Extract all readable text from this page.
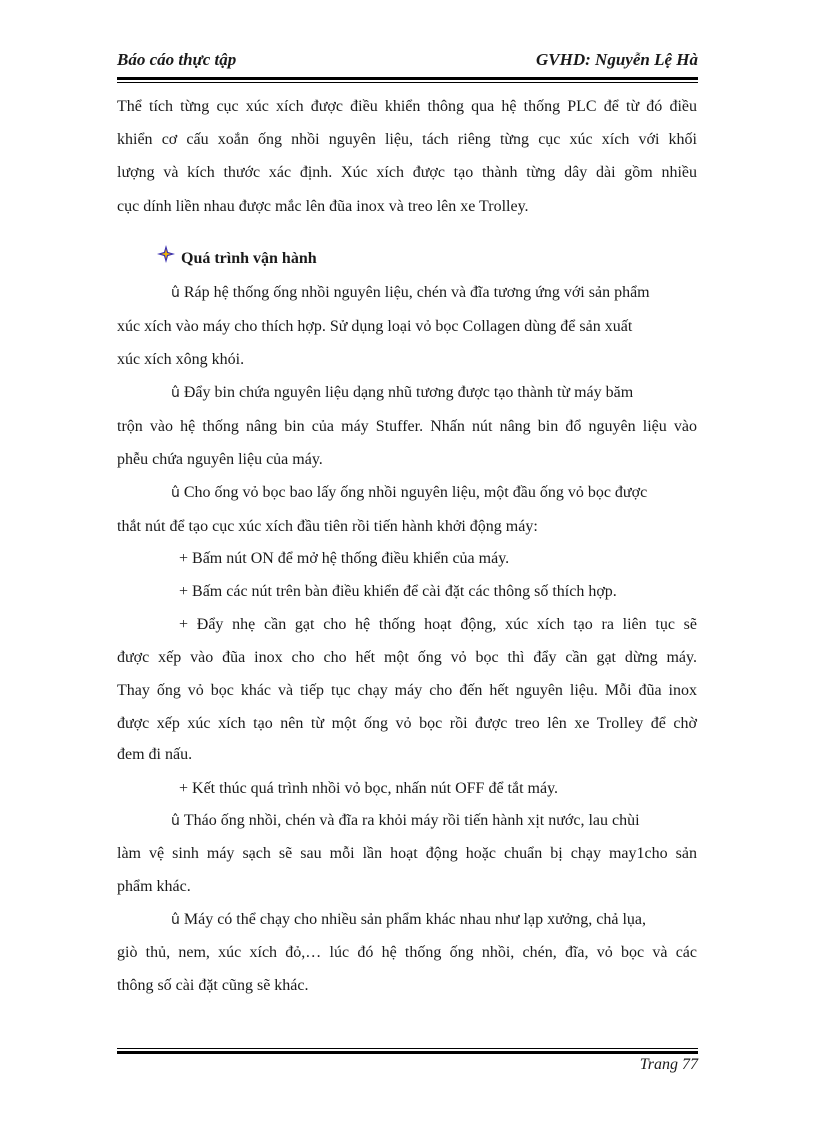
Báo cáo thực tập	GVHD: Nguyễn Lệ Hà
Thể tích từng cục xúc xích được điều khiển thông qua hệ thống PLC để từ đó điều
khiển cơ cấu xoắn ống nhồi nguyên liệu, tách riêng từng cục xúc xích với khối
lượng và kích thước xác định. Xúc xích được tạo thành từng dây dài gồm nhiều
cục dính liền nhau được mắc lên đũa inox và treo lên xe Trolley.
Quá trình vận hành
û Ráp hệ thống ống nhồi nguyên liệu, chén và đĩa tương ứng với sản phẩm
xúc xích vào máy cho thích hợp. Sử dụng loại vỏ bọc Collagen dùng để sản xuất
xúc xích xông khói.
û Đẩy bin chứa nguyên liệu dạng nhũ tương được tạo thành từ máy băm
trộn vào hệ thống nâng bin của máy Stuffer. Nhấn nút nâng bin đổ nguyên liệu vào
phễu chứa nguyên liệu của máy.
û Cho ống vỏ bọc bao lấy ống nhồi nguyên liệu, một đầu ống vỏ bọc được
thắt nút để tạo cục xúc xích đầu tiên rồi tiến hành khởi động máy:
+ Bấm nút ON để mở hệ thống điều khiển của máy.
+ Bấm các nút trên bàn điều khiển để cài đặt các thông số thích hợp.
+ Đẩy nhẹ cần gạt cho hệ thống hoạt động, xúc xích tạo ra liên tục sẽ
được xếp vào đũa inox cho cho hết một ống vỏ bọc thì đẩy cần gạt dừng máy.
Thay ống vỏ bọc khác và tiếp tục chạy máy cho đến hết nguyên liệu. Mỗi đũa inox
được xếp xúc xích tạo nên từ một ống vỏ bọc rồi được treo lên xe Trolley để chờ
đem đi nấu.
+ Kết thúc quá trình nhồi vỏ bọc, nhấn nút OFF để tắt máy.
û Tháo ống nhồi, chén và đĩa ra khỏi máy rồi tiến hành xịt nước, lau chùi
làm vệ sinh máy sạch sẽ sau mỗi lần hoạt động hoặc chuẩn bị chạy may1cho sản
phẩm khác.
û Máy có thể chạy cho nhiều sản phẩm khác nhau như lạp xưởng, chả lụa,
giò thủ, nem, xúc xích đỏ,… lúc đó hệ thống ống nhồi, chén, đĩa, vỏ bọc và các
thông số cài đặt cũng sẽ khác.
Trang 77
